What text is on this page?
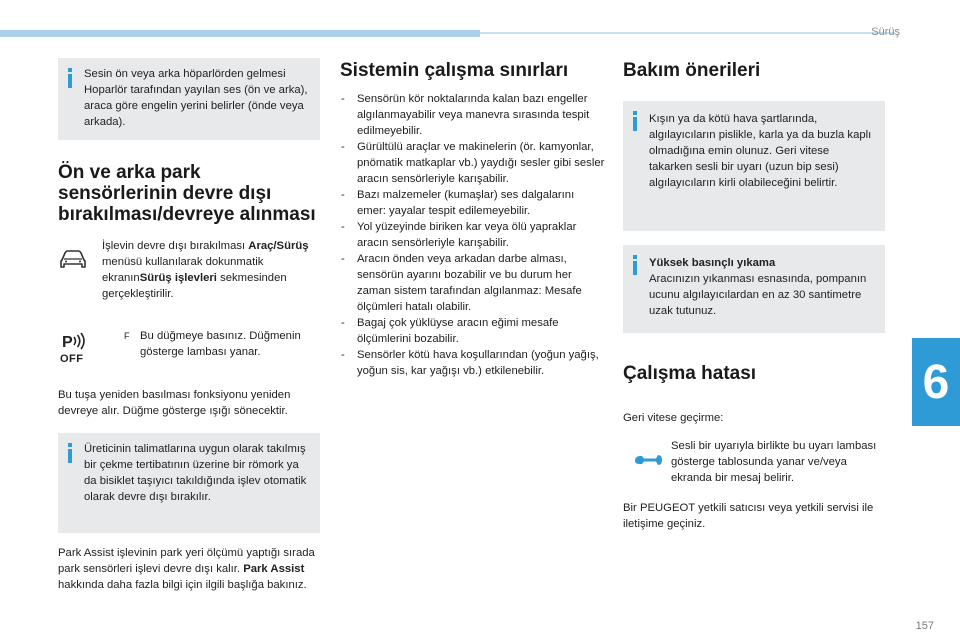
Sürüş
6
157

Sesin ön veya arka höparlörden gelmesi Hoparlör tarafından yayılan ses (ön ve arka), araca göre engelin yerini belirler (önde veya arkada).

Ön ve arka park sensörlerinin devre dışı bırakılması/devreye alınması

İşlevin devre dışı bırakılması Araç/Sürüş menüsü kullanılarak dokunmatik ekranınSürüş işlevleri sekmesinden gerçekleştirilir.

P
OFF
F Bu düğmeye basınız. Düğmenin gösterge lambası yanar.

Bu tuşa yeniden basılması fonksiyonu yeniden devreye alır. Düğme gösterge ışığı sönecektir.

Üreticinin talimatlarına uygun olarak takılmış bir çekme tertibatının üzerine bir römork ya da bisiklet taşıyıcı takıldığında işlev otomatik olarak devre dışı bırakılır.

Park Assist işlevinin park yeri ölçümü yaptığı sırada park sensörleri işlevi devre dışı kalır. Park Assist hakkında daha fazla bilgi için ilgili başlığa bakınız.

Sistemin çalışma sınırları
- Sensörün kör noktalarında kalan bazı engeller algılanmayabilir veya manevra sırasında tespit edilmeyebilir.
- Gürültülü araçlar ve makinelerin (ör. kamyonlar, pnömatik matkaplar vb.) yaydığı sesler gibi sesler aracın sensörleriyle karışabilir.
- Bazı malzemeler (kumaşlar) ses dalgalarını emer: yayalar tespit edilemeyebilir.
- Yol yüzeyinde biriken kar veya ölü yapraklar aracın sensörleriyle karışabilir.
- Aracın önden veya arkadan darbe alması, sensörün ayarını bozabilir ve bu durum her zaman sistem tarafından algılanmaz: Mesafe ölçümleri hatalı olabilir.
- Bagaj çok yüklüyse aracın eğimi mesafe ölçümlerini bozabilir.
- Sensörler kötü hava koşullarından (yoğun yağış, yoğun sis, kar yağışı vb.) etkilenebilir.
Bakım önerileri

Kışın ya da kötü hava şartlarında, algılayıcıların pislikle, karla ya da buzla kaplı olmadığına emin olunuz. Geri vitese takarken sesli bir uyarı (uzun bip sesi) algılayıcıların kirli olabileceğini belirtir.

Yüksek basınçlı yıkama

Aracınızın yıkanması esnasında, pompanın ucunu algılayıcılardan en az 30 santimetre uzak tutunuz.

Çalışma hatası

Geri vitese geçirme:

Sesli bir uyarıyla birlikte bu uyarı lambası gösterge tablosunda yanar ve/veya ekranda bir mesaj belirir.

Bir PEUGEOT yetkili satıcısı veya yetkili servisi ile iletişime geçiniz.
